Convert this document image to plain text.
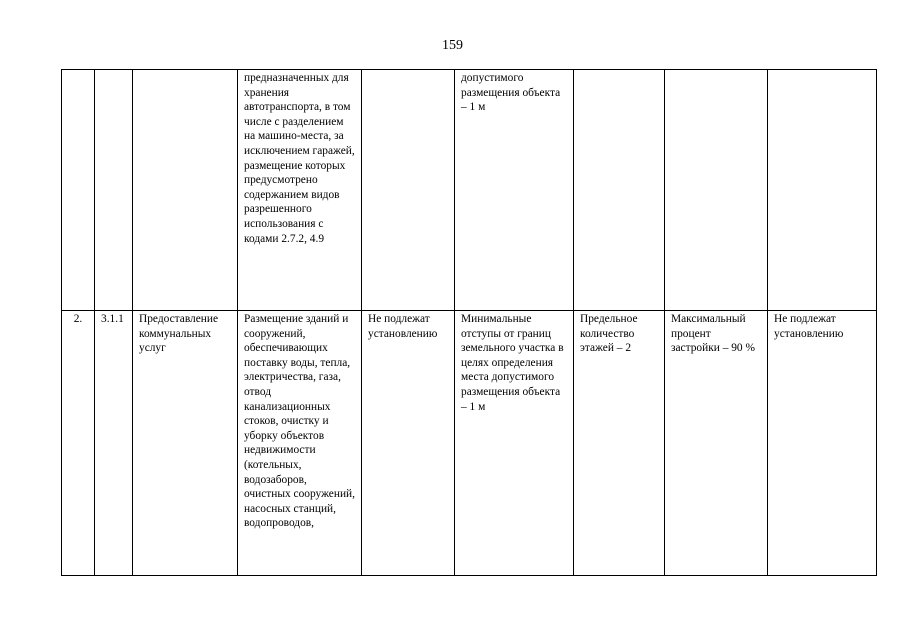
159
			предназначенных для хранения автотранспорта, в том числе с разделением на машино-места, за исключением гаражей, размещение которых предусмотрено содержанием видов разрешенного использования с кодами 2.7.2, 4.9		допустимого размещения объекта – 1 м			
2.	3.1.1	Предоставление коммунальных услуг	Размещение зданий и сооружений, обеспечивающих поставку воды, тепла, электричества, газа, отвод канализационных стоков, очистку и уборку объектов недвижимости (котельных, водозаборов, очистных сооружений, насосных станций, водопроводов,	Не подлежат установлению	Минимальные отступы от границ земельного участка в целях определения места допустимого размещения объекта – 1 м	Предельное количество этажей – 2	Максимальный процент застройки – 90 %	Не подлежат установлению
